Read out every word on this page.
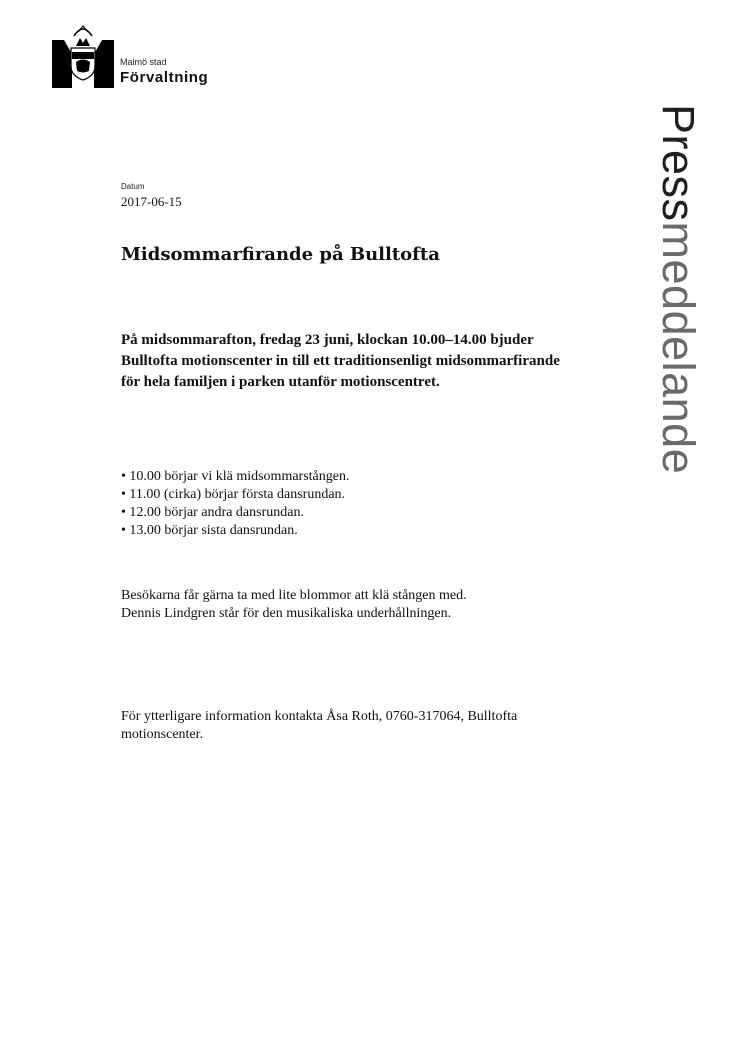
Malmö stad
Förvaltning
Pressmeddelande
Datum
2017-06-15
Midsommarfirande på Bulltofta

På midsommarafton, fredag 23 juni, klockan 10.00–14.00 bjuder Bulltofta motionscenter in till ett traditionsenligt midsommarfirande för hela familjen i parken utanför motionscentret.

• 10.00 börjar vi klä midsommarstången.
• 11.00 (cirka) börjar första dansrundan.
• 12.00 börjar andra dansrundan.
• 13.00 börjar sista dansrundan.

Besökarna får gärna ta med lite blommor att klä stången med.
Dennis Lindgren står för den musikaliska underhållningen.

För ytterligare information kontakta Åsa Roth, 0760-317064, Bulltofta motionscenter.
